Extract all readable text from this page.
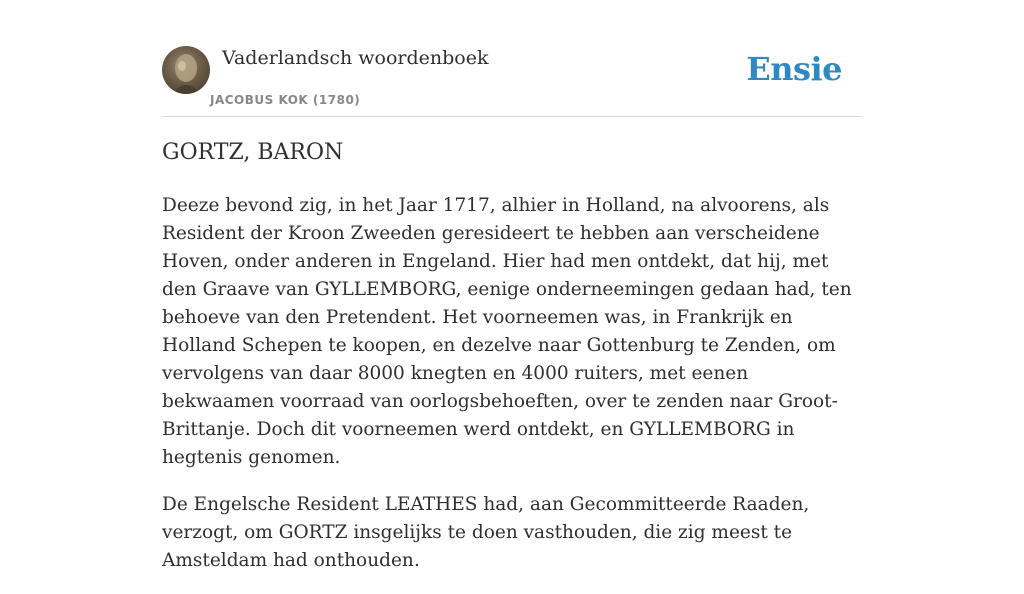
Vaderlandsch woordenboek
JACOBUS KOK (1780)
Ensie
GORTZ, BARON

Deeze bevond zig, in het Jaar 1717, alhier in Holland, na alvoorens, als Resident der Kroon Zweeden geresideert te hebben aan verscheidene Hoven, onder anderen in Engeland. Hier had men ontdekt, dat hij, met den Graave van GYLLEMBORG, eenige onderneemingen gedaan had, ten behoeve van den Pretendent. Het voorneemen was, in Frankrijk en Holland Schepen te koopen, en dezelve naar Gottenburg te Zenden, om vervolgens van daar 8000 knegten en 4000 ruiters, met eenen bekwaamen voorraad van oorlogsbehoeften, over te zenden naar Groot-Brittanje. Doch dit voorneemen werd ontdekt, en GYLLEMBORG in hegtenis genomen.

De Engelsche Resident LEATHES had, aan Gecommitteerde Raaden, verzogt, om GORTZ insgelijks te doen vasthouden, die zig meest te Amsteldam had onthouden.
